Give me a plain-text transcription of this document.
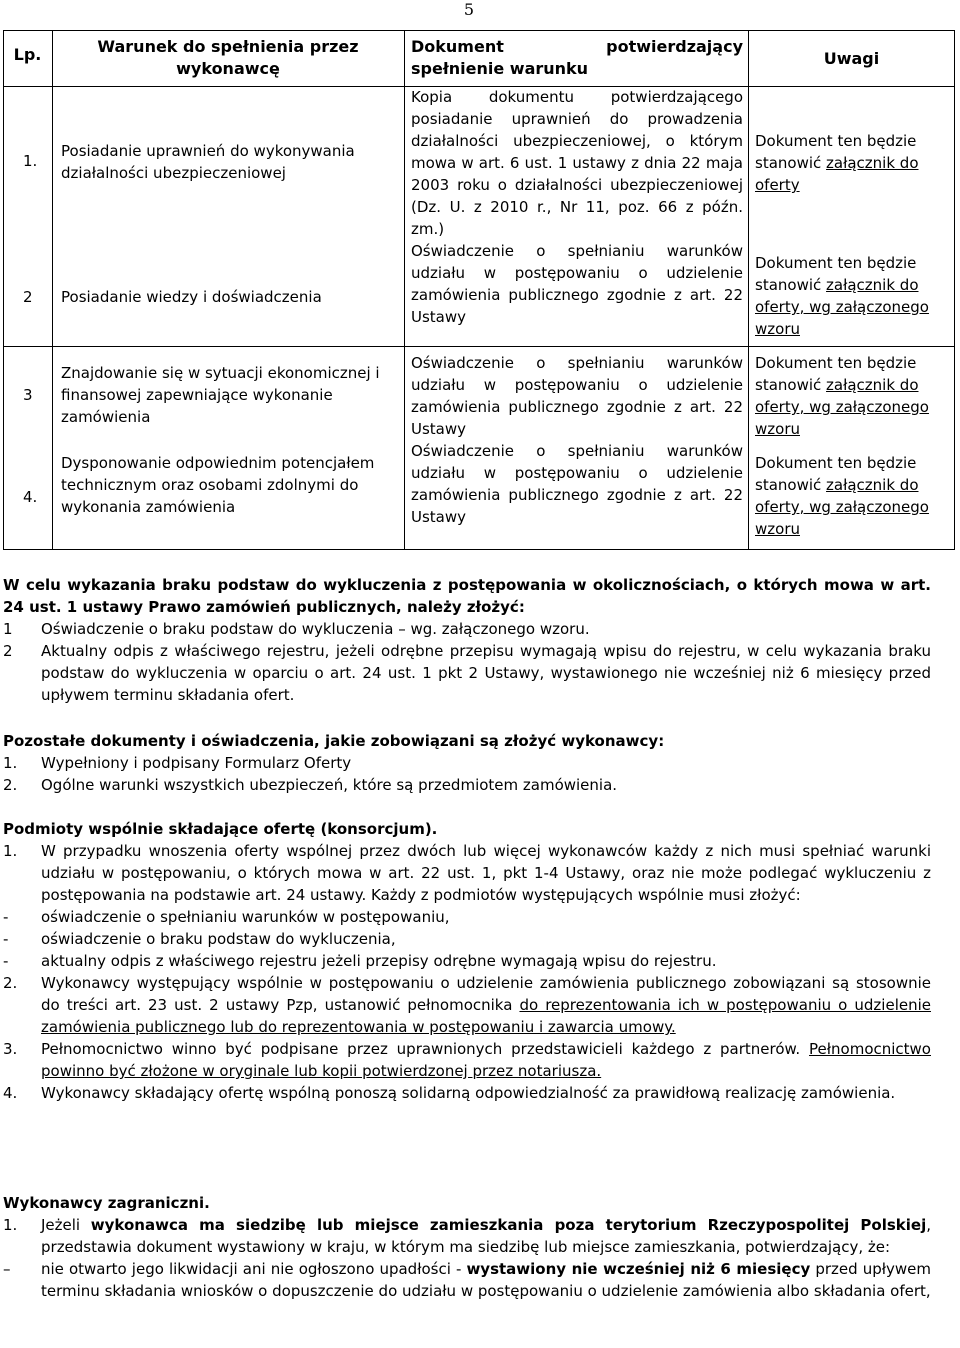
5
Lp.	Warunek do spełnienia przez wykonawcę
Dokument potwierdzający spełnienie warunku
Uwagi
1.
Posiadanie uprawnień do wykonywania działalności ubezpieczeniowej
Kopia dokumentu potwierdzającego posiadanie uprawnień do prowadzenia działalności ubezpieczeniowej, o którym mowa w art. 6 ust. 1 ustawy z dnia 22 maja 2003 roku o działalności ubezpieczeniowej (Dz. U. z 2010 r., Nr 11, poz. 66 z późn. zm.)
Dokument ten będzie stanowić załącznik do oferty
2 Posiadanie wiedzy i doświadczenia
Oświadczenie o spełnianiu warunków udziału w postępowaniu o udzielenie zamówienia publicznego zgodnie z art. 22 Ustawy
Dokument ten będzie stanowić załącznik do oferty, wg załączonego wzoru
3
Znajdowanie się w sytuacji ekonomicznej i finansowej zapewniające wykonanie zamówienia
Oświadczenie o spełnianiu warunków udziału w postępowaniu o udzielenie zamówienia publicznego zgodnie z art. 22 Ustawy
Dokument ten będzie stanowić załącznik do oferty, wg załączonego wzoru
4.
Dysponowanie odpowiednim potencjałem technicznym oraz osobami zdolnymi do wykonania zamówienia
Oświadczenie o spełnianiu warunków udziału w postępowaniu o udzielenie zamówienia publicznego zgodnie z art. 22 Ustawy
Dokument ten będzie stanowić załącznik do oferty, wg załączonego wzoru
W celu wykazania braku podstaw do wykluczenia z postępowania w okolicznościach, o których mowa w art. 24 ust. 1 ustawy Prawo zamówień publicznych, należy złożyć:
1 Oświadczenie o braku podstaw do wykluczenia – wg. załączonego wzoru.
2 Aktualny odpis z właściwego rejestru, jeżeli odrębne przepisu wymagają wpisu do rejestru, w celu wykazania braku podstaw do wykluczenia w oparciu o art. 24 ust. 1 pkt 2 Ustawy, wystawionego nie wcześniej niż 6 miesięcy przed upływem terminu składania ofert.
Pozostałe dokumenty i oświadczenia, jakie zobowiązani są złożyć wykonawcy:
1. Wypełniony i podpisany Formularz Oferty
2. Ogólne warunki wszystkich ubezpieczeń, które są przedmiotem zamówienia.
Podmioty wspólnie składające ofertę (konsorcjum).
1. W przypadku wnoszenia oferty wspólnej przez dwóch lub więcej wykonawców każdy z nich musi spełniać warunki udziału w postępowaniu, o których mowa w art. 22 ust. 1, pkt 1-4 Ustawy, oraz nie może podlegać wykluczeniu z postępowania na podstawie art. 24 ustawy. Każdy z podmiotów występujących wspólnie musi złożyć:
- oświadczenie o spełnianiu warunków w postępowaniu,
- oświadczenie o braku podstaw do wykluczenia,
- aktualny odpis z właściwego rejestru jeżeli przepisy odrębne wymagają wpisu do rejestru.
2. Wykonawcy występujący wspólnie w postępowaniu o udzielenie zamówienia publicznego zobowiązani są stosownie do treści art. 23 ust. 2 ustawy Pzp, ustanowić pełnomocnika do reprezentowania ich w postępowaniu o udzielenie zamówienia publicznego lub do reprezentowania w postępowaniu i zawarcia umowy.
3. Pełnomocnictwo winno być podpisane przez uprawnionych przedstawicieli każdego z partnerów. Pełnomocnictwo powinno być złożone w oryginale lub kopii potwierdzonej przez notariusza.
4. Wykonawcy składający ofertę wspólną ponoszą solidarną odpowiedzialność za prawidłową realizację zamówienia.
Wykonawcy zagraniczni.
1. Jeżeli wykonawca ma siedzibę lub miejsce zamieszkania poza terytorium Rzeczypospolitej Polskiej, przedstawia dokument wystawiony w kraju, w którym ma siedzibę lub miejsce zamieszkania, potwierdzający, że:
– nie otwarto jego likwidacji ani nie ogłoszono upadłości - wystawiony nie wcześniej niż 6 miesięcy przed upływem terminu składania wniosków o dopuszczenie do udziału w postępowaniu o udzielenie zamówienia albo składania ofert,
